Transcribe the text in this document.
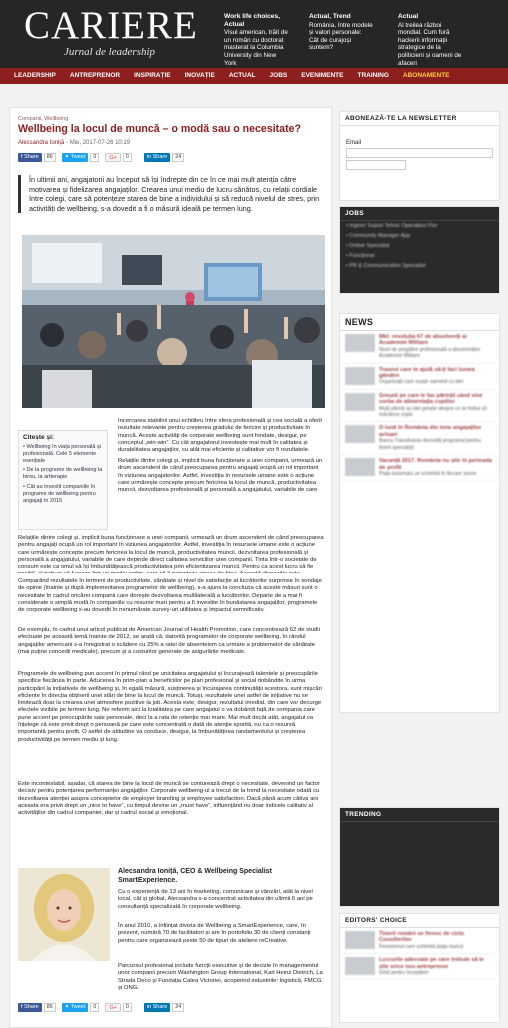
CARIERE
Jurnal de leadership
Work life choices, Actual
Visul american, trăit de un român cu doctorat masterat la Columbia University din New York
Actual, Trend
România, între modele și valori personale: Cât de curajoși suntem?
Actual
Al treilea război mondial. Cum fură hackerii informații strategice de la politicieni și oameni de afaceri
LEADERSHIP	ANTREPRENOR	INSPIRAȚIE	INOVAȚIE	ACTUAL	JOBS	EVENIMENTE	TRAINING	ABONAMENTE
Companii, Wellbeing
Wellbeing la locul de muncă – o modă sau o necesitate?
Alecsandra Ioniță - Mie, 2017-07-26 10:19
f Share	86	✦ Tweet	0	G+	0	in Share	24
În ultimii ani, angajatorii au început să își îndrepte din ce în ce mai mult atenția către motivarea și fidelizarea angajaților. Crearea unui mediu de lucru sănătos, cu relații cordiale între colegi, care să potențeze starea de bine a individului și să reducă nivelul de stres, prin activități de wellbeing, s-a dovedit a fi o măsură ideală pe termen lung.
Citește și:
• Wellbeing în viața personală și profesională. Cele 5 elemente esențiale
• De la programe de wellbeing la birou, la artterapie
• Cât au investit companiile în programe de wellbeing pentru angajați în 2015
Încercarea stabilirii unui echilibru între sfera profesională și cea socială a oferit rezultate relevante pentru creșterea gradului de fericire și productivitate în muncă. Aceste activități de corporate wellbeing sunt fondate, desigur, pe conceptul „win-win”. Cu cât angajatorul investește mai mult în calitatea și durabilitatea angajaților, cu atât mai eficiente și calitative vor fi rezultatele.
Relațiile dintre colegi și, implicit buna funcționare a unei companii, urmează un drum ascendent de când preocuparea pentru angajați ocupă un rol important în viziunea angajatorilor. Astfel, investiția în resursele umane este o acțiune care urmărește concepte precum fericirea la locul de muncă, productivitatea muncii, dezvoltarea profesională și personală a angajatului, variabile de care
Relațiile dintre colegi și, implicit buna funcționare a unei companii, urmează un drum ascendent de când preocuparea pentru angajați ocupă un rol important în viziunea angajatorilor. Astfel, investiția în resursele umane este o acțiune care urmărește concepte precum fericirea la locul de muncă, productivitatea muncii, dezvoltarea profesională și personală a angajatului, variabile de care depinde direct calitatea serviciilor unei companii. Tinta într-o societate de consum este ca omul să își îmbunătățească productivitatea prin eficientizarea muncii. Pentru ca acest lucru să fie
Comparând rezultatele în termeni de productivitate, sănătate și nivel de satisfacție al lucrătorilor surprinse în sondaje de opinie (înainte și după implementarea programelor de wellbeing), s-a ajuns la concluzia că aceste măsuri sunt o necesitate în cadrul oricărei companii care dorește dezvoltarea multilaterală a lucrătorilor. Departe de a mai fi considerate o simplă modă în companiile cu resurse mari pentru a fi investite în bunăstarea angajaților, programele de corporate wellbeing s-au dovedit în nenumărate survey-uri utilitatea și impactul semnificativ.
De exemplu, în cadrul unui articol publicat de American Journal of Health Promotion, care concentrează 62 de studii efectuate pe această temă înainte de 2012, se arată că, datorită programelor de corporate wellbeing, în rândul angajaților americani s-a înregistrat o scădere cu 25% a ratei de absenteism ca urmare a problemelor de sănătate (mai puține concedii medicale), precum și a costurilor generate de asigurările medicale.
Programele de wellbeing pun accent în primul rând pe unicitatea angajatului și încurajează talentele și preocupările specifice fiecăruia în parte. Aducerea în prim-plan a beneficiilor pe plan profesional și social dobândite în urma participării la inițiativele de wellbeing și, în egală măsură, susținerea și încurajarea continuității acestora, sunt mișcări eficiente în direcția obținerii unei stări de bine la locul de muncă. Totuși, rezultatele unei astfel de inițiative nu se limitează doar la crearea unei atmosfere pozitive la job. Acesta este, desigur, rezultatul imediat, din care vor decurge efectele vizibile pe termen lung. Ne referim aici la loialitatea pe care angajatul o va dobândi față de compania care pune accent pe preocupările sale personale, deci la a rata de retenție mai mare. Mai mult decât atât, angajatul va înțelege că este privit drept o persoană pe care este concentrată o dată de atenție sporită, nu ca o resursă importantă pentru profit. O astfel de atitudine va conduce, desigur, la îmbunătățirea randamentului și creșterea productivității pe termen mediu și lung.
Este incontestabil, așadar, că starea de bine la locul de muncă se conturează drept o necesitate, devenind un factor decisiv pentru potențarea performanței angajaților. Corporate wellbeing-ul a trecut de la trend la necesitate odată cu dezvoltarea atenției asupra conceptelor de employer branding și employee satisfaction. Dacă până acum câtiva ani aceasta era privit drept un „nice to have”, cu timpul devine un „must have”, influențând nu doar indicele calitativ al activităților din cadrul companiei, dar și cadrul social și emoțional.
Alecsandra Ioniță, CEO & Wellbeing Specialist SmartExperience.
Cu o experiență de 13 ani în marketing, comunicare și vânzări, atât la nivel local, cât și global, Alecsandra s-a concentrat activitatea din ultimii 6 ani pe consultanță specializată în corporate wellbeing.
În anul 2010, a înființat divizia de Wellbeing a SmartExperience, care, în prezent, numără 70 de facilitatori și are în portofoliu 30 de clienți constanți pentru care organizează peste 50 de tipuri de ateliere reCreative.
Parcursul profesional include funcții executive și de decizie în managementul unor companii precum Washington Group International, Karl Heinz Dietrich, La Strada Deco și Fundația Calea Victoriei, acoperind industriile: logistică, FMCG și ONG.
f Share	86	✦ Tweet	0	G+	0	in Share	24
ABONEAZĂ-TE LA NEWSLETTER
Email
JOBS
• Inginer Suport Tehnic Operațiuni Flor
• Community Manager App
• Online Specialist
• Funcționar
• PR & Communication Specialist
NEWS
Mkt: revoluția 67 de absolvenți ai Academiei Militare
Nivel de pregătire profesională a absolvenților Academiei Militare
Traseul care te ajută să-ți faci lumea gândire
Organizații care susțin oamenii cu idei
Greșeli pe care le fac părinții când vine vorba de alimentația copiilor
Mulți părinți au idei greșite despre ce ar trebui să mănânce copiii
O lună în România din tone angajaților actuari
Banca Transilvania dezvoltă programul pentru tinerii specialiști
Vacanță 2017. România nu știe în perioada de profit
Piața turismului se schimbă în fiecare sezon
TRENDING
EDITORS' CHOICE
Tinerii români se feresc de ciclu Consilierilor
Fenomenul care schimbă piața muncii
Lucrurile adecvate pe care trebuie să le știe orice nou antreprenor
Ghid pentru începători
